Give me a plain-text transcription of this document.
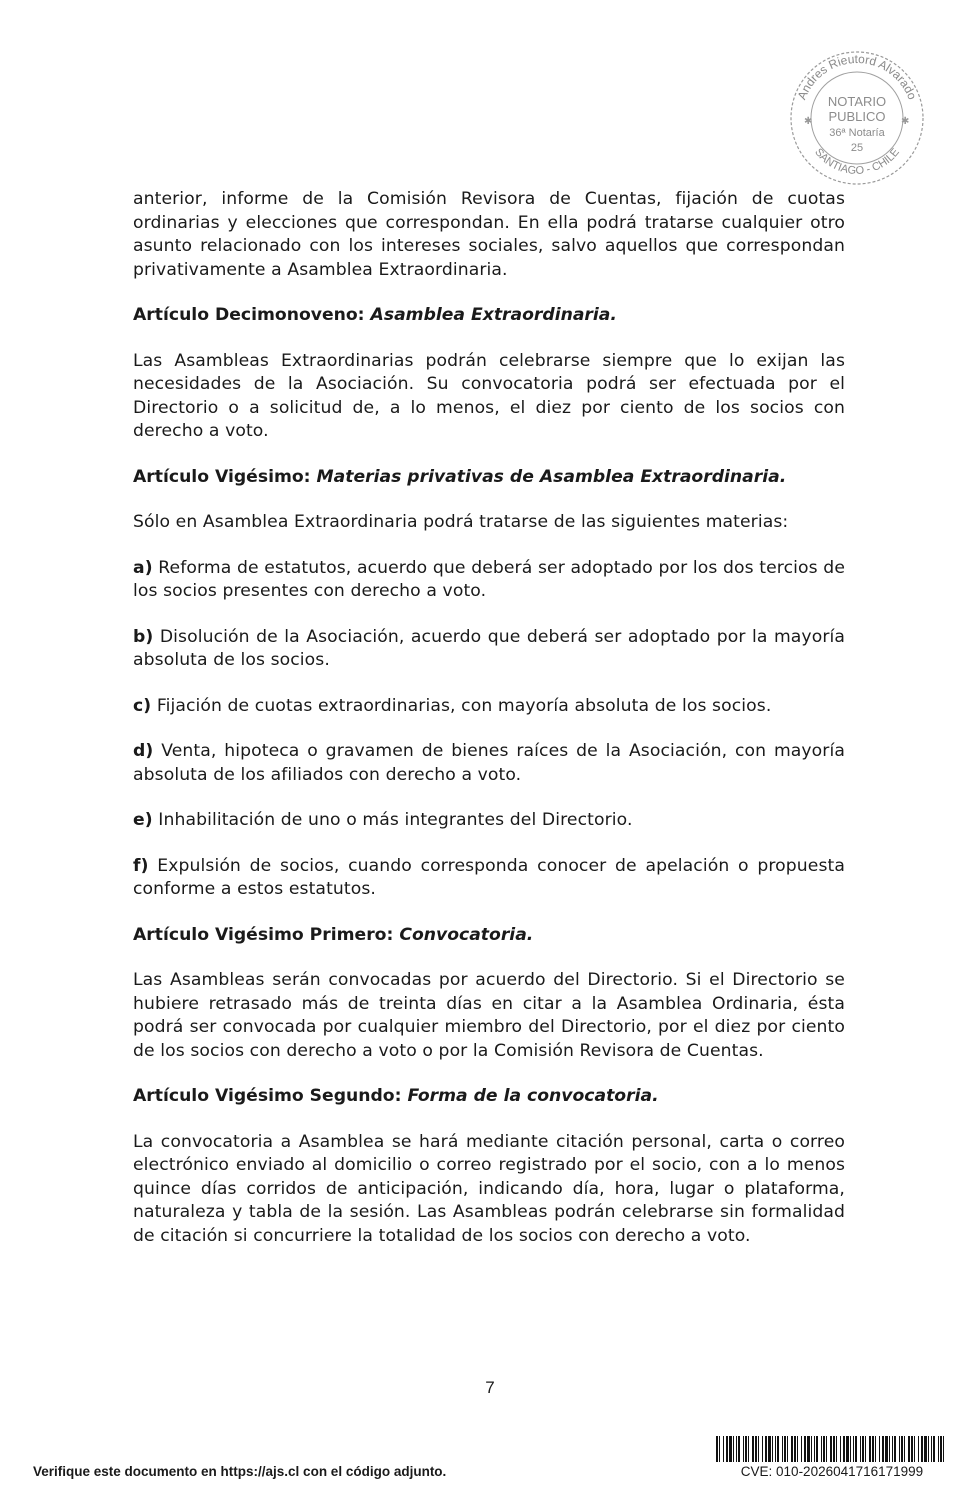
Andres Rieutord Alvarado
SANTIAGO - CHILE
NOTARIO
PUBLICO
36ª Notaría
25
✱	✱

anterior, informe de la Comisión Revisora de Cuentas, fijación de cuotas ordinarias y elecciones que correspondan. En ella podrá tratarse cualquier otro asunto relacionado con los intereses sociales, salvo aquellos que correspondan privativamente a Asamblea Extraordinaria.

Artículo Decimonoveno: Asamblea Extraordinaria.

Las Asambleas Extraordinarias podrán celebrarse siempre que lo exijan las necesidades de la Asociación. Su convocatoria podrá ser efectuada por el Directorio o a solicitud de, a lo menos, el diez por ciento de los socios con derecho a voto.

Artículo Vigésimo: Materias privativas de Asamblea Extraordinaria.

Sólo en Asamblea Extraordinaria podrá tratarse de las siguientes materias:

a) Reforma de estatutos, acuerdo que deberá ser adoptado por los dos tercios de los socios presentes con derecho a voto.

b) Disolución de la Asociación, acuerdo que deberá ser adoptado por la mayoría absoluta de los socios.

c) Fijación de cuotas extraordinarias, con mayoría absoluta de los socios.

d) Venta, hipoteca o gravamen de bienes raíces de la Asociación, con mayoría absoluta de los afiliados con derecho a voto.

e) Inhabilitación de uno o más integrantes del Directorio.

f) Expulsión de socios, cuando corresponda conocer de apelación o propuesta conforme a estos estatutos.

Artículo Vigésimo Primero: Convocatoria.

Las Asambleas serán convocadas por acuerdo del Directorio. Si el Directorio se hubiere retrasado más de treinta días en citar a la Asamblea Ordinaria, ésta podrá ser convocada por cualquier miembro del Directorio, por el diez por ciento de los socios con derecho a voto o por la Comisión Revisora de Cuentas.

Artículo Vigésimo Segundo: Forma de la convocatoria.

La convocatoria a Asamblea se hará mediante citación personal, carta o correo electrónico enviado al domicilio o correo registrado por el socio, con a lo menos quince días corridos de anticipación, indicando día, hora, lugar o plataforma, naturaleza y tabla de la sesión. Las Asambleas podrán celebrarse sin formalidad de citación si concurriere la totalidad de los socios con derecho a voto.

7
Verifique este documento en https://ajs.cl con el código adjunto.	CVE: 010-2026041716171999
